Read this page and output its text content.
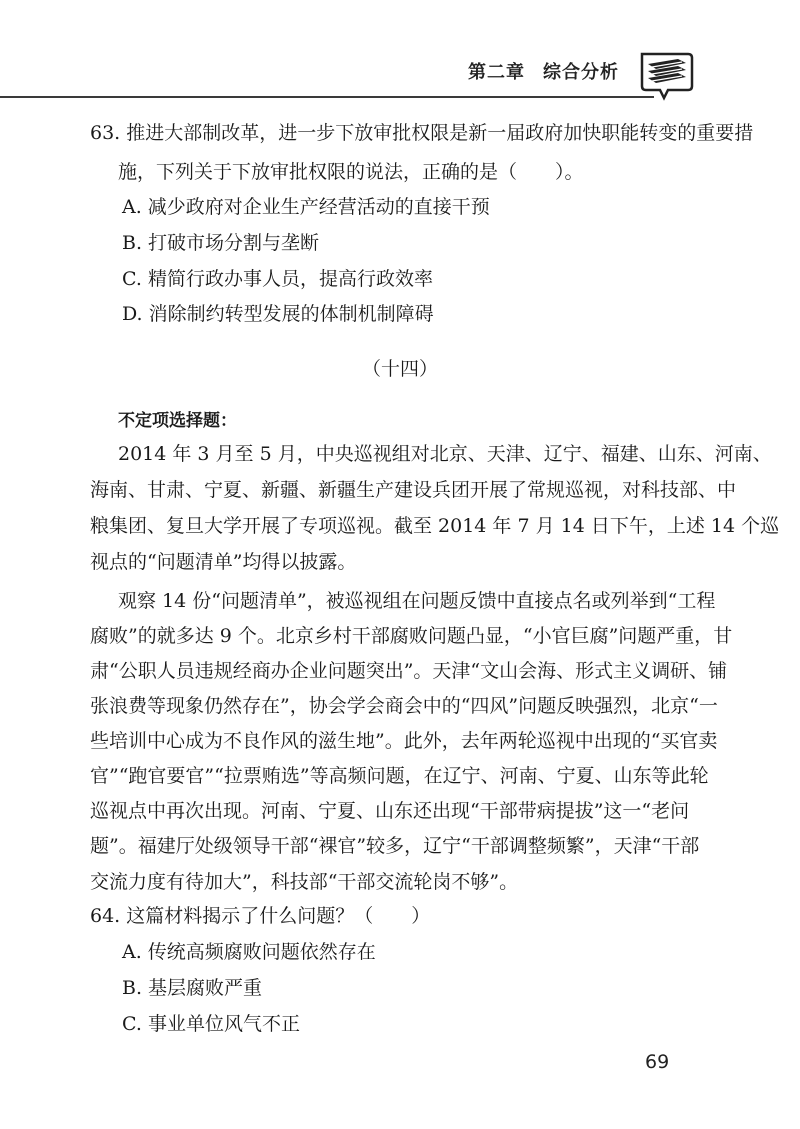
第二章 综合分析
63. 推进大部制改革，进一步下放审批权限是新一届政府加快职能转变的重要措
施，下列关于下放审批权限的说法，正确的是（　　）。
A. 减少政府对企业生产经营活动的直接干预
B. 打破市场分割与垄断
C. 精简行政办事人员，提高行政效率
D. 消除制约转型发展的体制机制障碍
（十四）
不定项选择题：
2014 年 3 月至 5 月，中央巡视组对北京、天津、辽宁、福建、山东、河南、
海南、甘肃、宁夏、新疆、新疆生产建设兵团开展了常规巡视，对科技部、中
粮集团、复旦大学开展了专项巡视。截至 2014 年 7 月 14 日下午，上述 14 个巡
视点的“问题清单”均得以披露。
观察 14 份“问题清单”，被巡视组在问题反馈中直接点名或列举到“工程
腐败”的就多达 9 个。北京乡村干部腐败问题凸显，“小官巨腐”问题严重，甘
肃“公职人员违规经商办企业问题突出”。天津“文山会海、形式主义调研、铺
张浪费等现象仍然存在”，协会学会商会中的“四风”问题反映强烈，北京“一
些培训中心成为不良作风的滋生地”。此外，去年两轮巡视中出现的“买官卖
官”“跑官要官”“拉票贿选”等高频问题，在辽宁、河南、宁夏、山东等此轮
巡视点中再次出现。河南、宁夏、山东还出现“干部带病提拔”这一“老问
题”。福建厅处级领导干部“裸官”较多，辽宁“干部调整频繁”，天津“干部
交流力度有待加大”，科技部“干部交流轮岗不够”。
64. 这篇材料揭示了什么问题？（　　）
A. 传统高频腐败问题依然存在
B. 基层腐败严重
C. 事业单位风气不正
69
